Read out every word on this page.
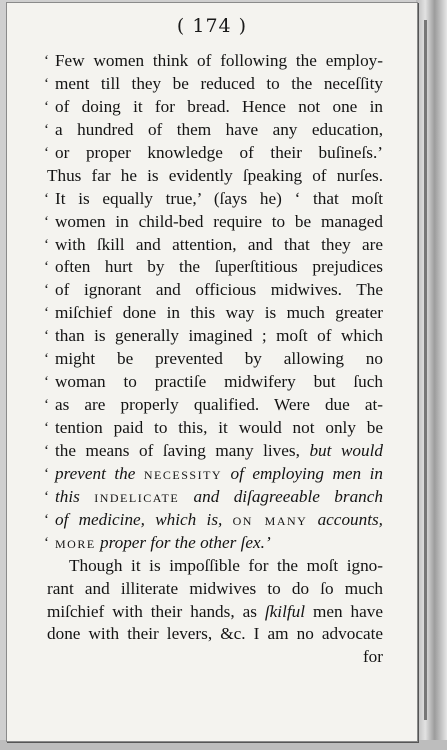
( 174 )
‘ Few women think of following the employ-
‘ ment till they be reduced to the neceſſity
‘ of doing it for bread. Hence not one in
‘ a hundred of them have any education,
‘ or proper knowledge of their buſineſs.’
Thus far he is evidently ſpeaking of nurſes.
‘ It is equally true,’ (ſays he) ‘ that moſt
‘ women in child-bed require to be managed
‘ with ſkill and attention, and that they are
‘ often hurt by the ſuperſtitious prejudices
‘ of ignorant and officious midwives. The
‘ miſchief done in this way is much greater
‘ than is generally imagined ; moſt of which
‘ might be prevented by allowing no
‘ woman to practiſe midwifery but ſuch
‘ as are properly qualified. Were due at-
‘ tention paid to this, it would not only be
‘ the means of ſaving many lives, but would
‘ prevent the necessity of employing men in
‘ this indelicate and diſagreeable branch
‘ of medicine, which is, on many accounts,
‘ more proper for the other ſex.’
Though it is impoſſible for the moſt igno-
rant and illiterate midwives to do ſo much
miſchief with their hands, as ſkilful men have
done with their levers, &c. I am no advocate
for
